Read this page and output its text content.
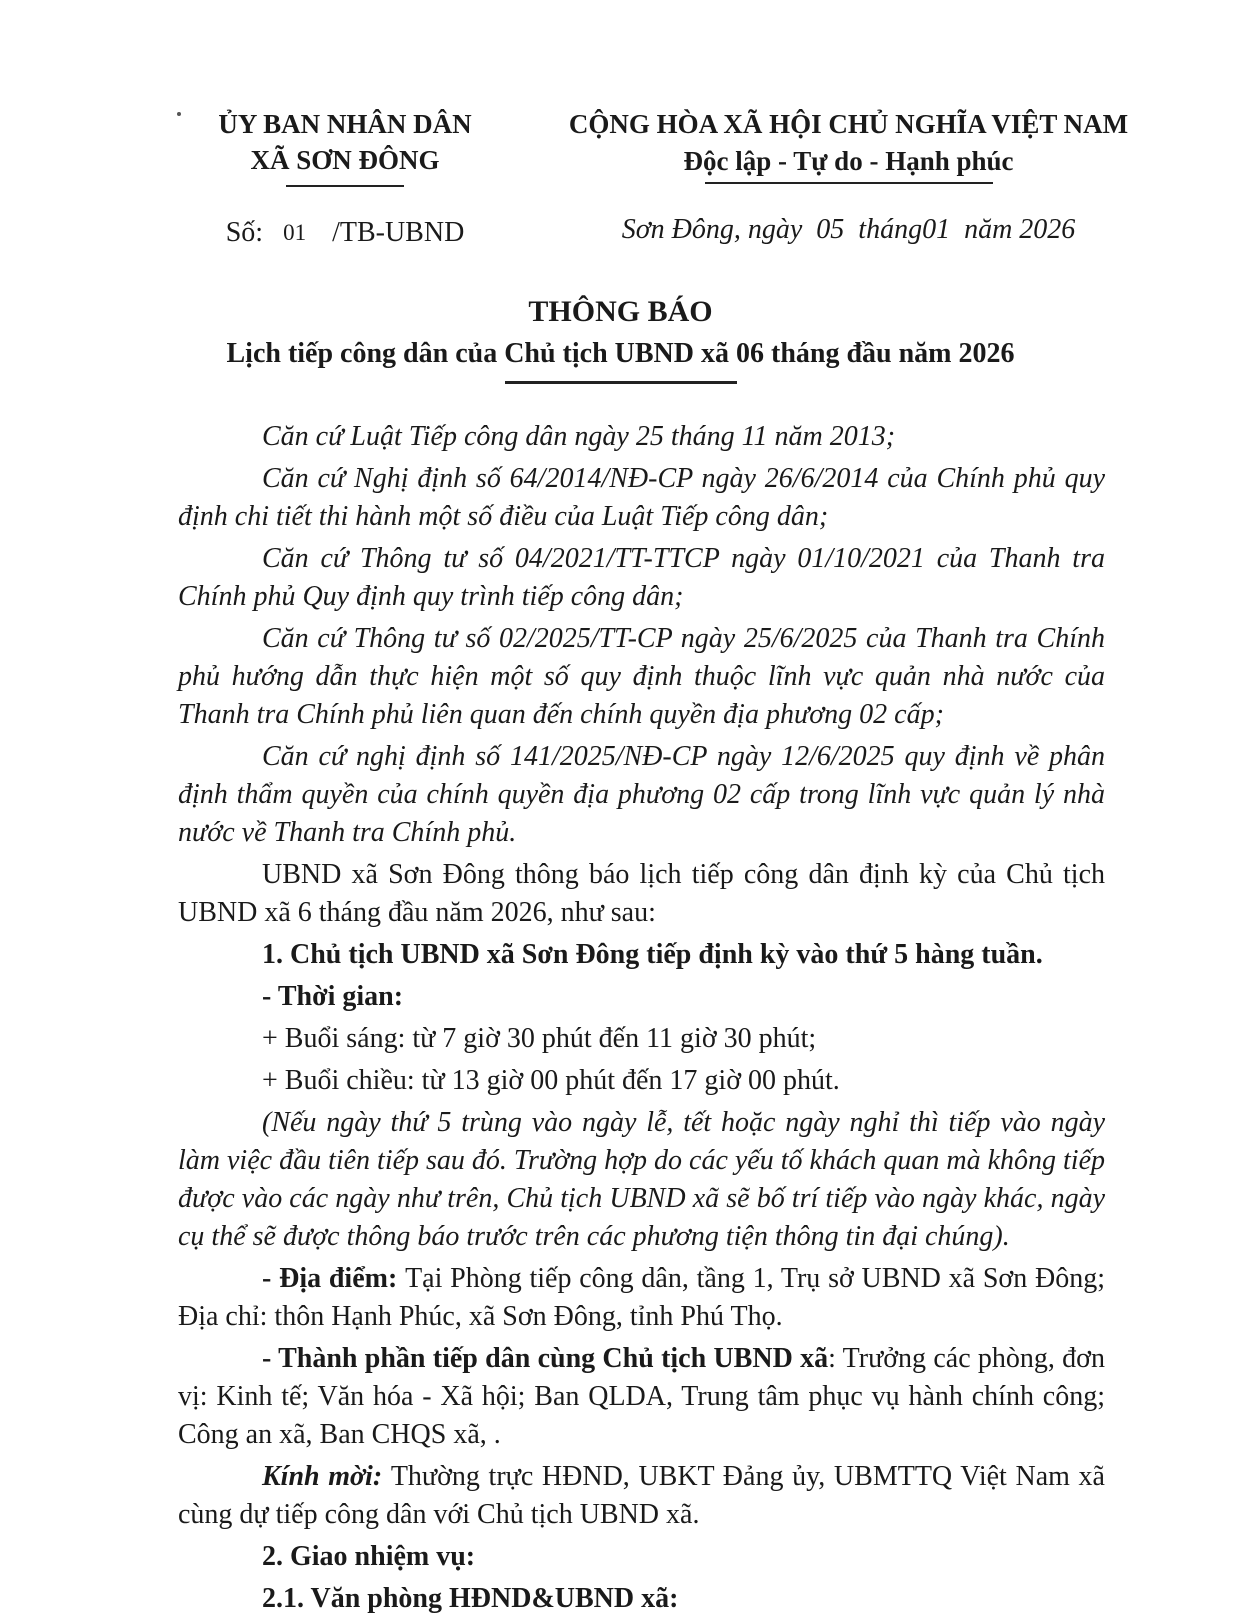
ỦY BAN NHÂN DÂN
XÃ SƠN ĐÔNG
Số: 01 /TB-UBND
CỘNG HÒA XÃ HỘI CHỦ NGHĨA VIỆT NAM
Độc lập - Tự do - Hạnh phúc
Sơn Đông, ngày  05  tháng01  năm 2026
THÔNG BÁO
Lịch tiếp công dân của Chủ tịch UBND xã 06 tháng đầu năm 2026

Căn cứ Luật Tiếp công dân ngày 25 tháng 11 năm 2013;

Căn cứ Nghị định số 64/2014/NĐ-CP ngày 26/6/2014 của Chính phủ quy định chi tiết thi hành một số điều của Luật Tiếp công dân;

Căn cứ Thông tư số 04/2021/TT-TTCP ngày 01/10/2021 của Thanh tra Chính phủ Quy định quy trình tiếp công dân;

Căn cứ Thông tư số 02/2025/TT-CP ngày 25/6/2025 của Thanh tra Chính phủ hướng dẫn thực hiện một số quy định thuộc lĩnh vực quản nhà nước của Thanh tra Chính phủ liên quan đến chính quyền địa phương 02 cấp;

Căn cứ nghị định số 141/2025/NĐ-CP ngày 12/6/2025 quy định về phân định thẩm quyền của chính quyền địa phương 02 cấp trong lĩnh vực quản lý nhà nước về Thanh tra Chính phủ.

UBND xã Sơn Đông thông báo lịch tiếp công dân định kỳ của Chủ tịch UBND xã 6 tháng đầu năm 2026, như sau:

1. Chủ tịch UBND xã Sơn Đông tiếp định kỳ vào thứ 5 hàng tuần.

- Thời gian:

+ Buổi sáng: từ 7 giờ 30 phút đến 11 giờ 30 phút;

+ Buổi chiều: từ 13 giờ 00 phút đến 17 giờ 00 phút.

(Nếu ngày thứ 5 trùng vào ngày lễ, tết hoặc ngày nghỉ thì tiếp vào ngày làm việc đầu tiên tiếp sau đó. Trường hợp do các yếu tố khách quan mà không tiếp được vào các ngày như trên, Chủ tịch UBND xã sẽ bố trí tiếp vào ngày khác, ngày cụ thể sẽ được thông báo trước trên các phương tiện thông tin đại chúng).

- Địa điểm: Tại Phòng tiếp công dân, tầng 1, Trụ sở UBND xã Sơn Đông; Địa chỉ: thôn Hạnh Phúc, xã Sơn Đông, tỉnh Phú Thọ.

- Thành phần tiếp dân cùng Chủ tịch UBND xã: Trưởng các phòng, đơn vị: Kinh tế; Văn hóa - Xã hội; Ban QLDA, Trung tâm phục vụ hành chính công; Công an xã, Ban CHQS xã, .

Kính mời: Thường trực HĐND, UBKT Đảng ủy, UBMTTQ Việt Nam xã cùng dự tiếp công dân với Chủ tịch UBND xã.

2. Giao nhiệm vụ:

2.1. Văn phòng HĐND&UBND xã:
